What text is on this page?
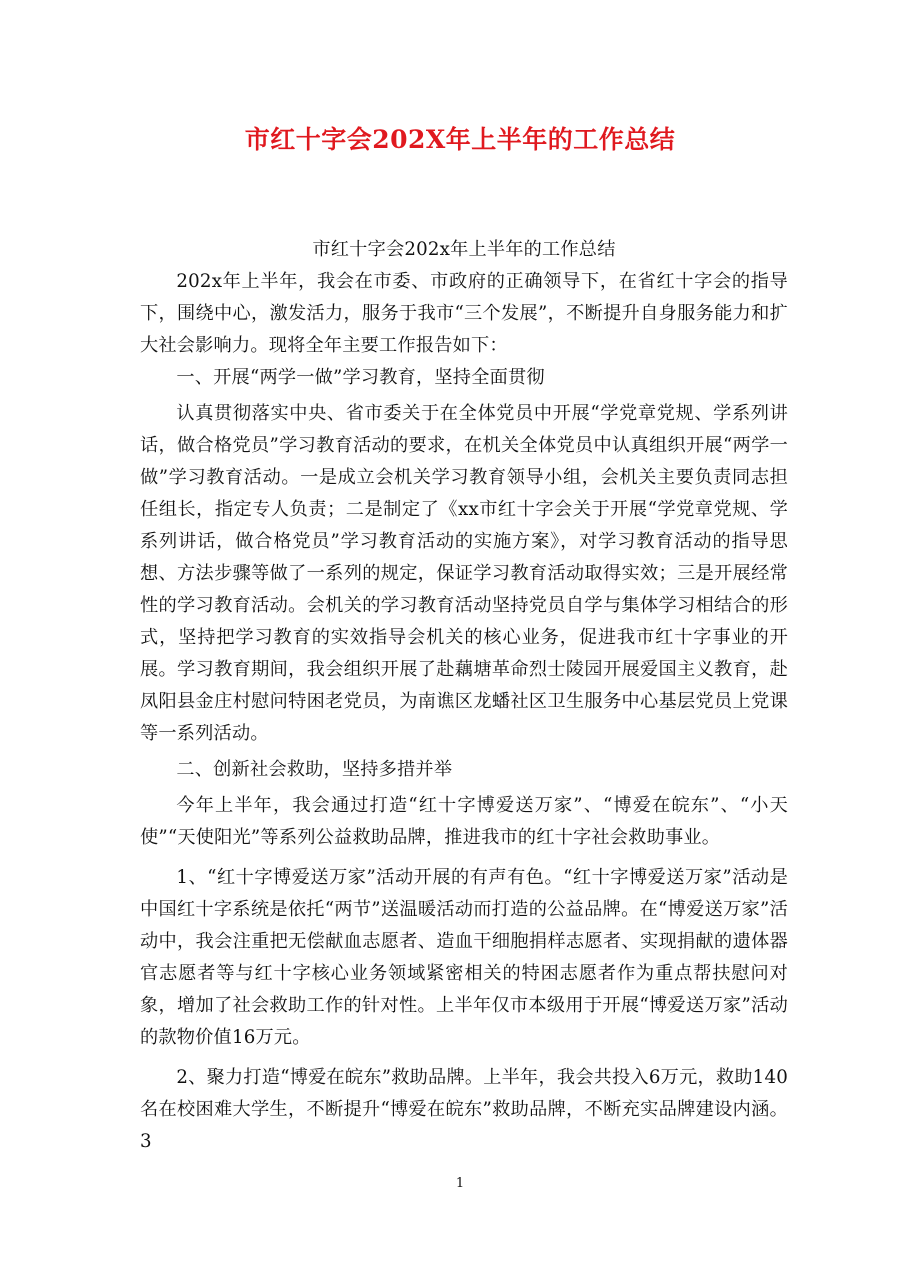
市红十字会202X年上半年的工作总结

市红十字会202x年上半年的工作总结

202x年上半年，我会在市委、市政府的正确领导下，在省红十字会的指导下，围绕中心，激发活力，服务于我市“三个发展”，不断提升自身服务能力和扩大社会影响力。现将全年主要工作报告如下：

一、开展“两学一做”学习教育，坚持全面贯彻

认真贯彻落实中央、省市委关于在全体党员中开展“学党章党规、学系列讲话，做合格党员”学习教育活动的要求，在机关全体党员中认真组织开展“两学一做”学习教育活动。一是成立会机关学习教育领导小组，会机关主要负责同志担任组长，指定专人负责；二是制定了《xx市红十字会关于开展“学党章党规、学系列讲话，做合格党员”学习教育活动的实施方案》，对学习教育活动的指导思想、方法步骤等做了一系列的规定，保证学习教育活动取得实效；三是开展经常性的学习教育活动。会机关的学习教育活动坚持党员自学与集体学习相结合的形式，坚持把学习教育的实效指导会机关的核心业务，促进我市红十字事业的开展。学习教育期间，我会组织开展了赴藕塘革命烈士陵园开展爱国主义教育，赴凤阳县金庄村慰问特困老党员，为南谯区龙蟠社区卫生服务中心基层党员上党课等一系列活动。

二、创新社会救助，坚持多措并举

今年上半年，我会通过打造“红十字博爱送万家”、“博爱在皖东”、“小天使”“天使阳光”等系列公益救助品牌，推进我市的红十字社会救助事业。

1、“红十字博爱送万家”活动开展的有声有色。“红十字博爱送万家”活动是中国红十字系统是依托“两节”送温暖活动而打造的公益品牌。在“博爱送万家”活动中，我会注重把无偿献血志愿者、造血干细胞捐样志愿者、实现捐献的遗体器官志愿者等与红十字核心业务领域紧密相关的特困志愿者作为重点帮扶慰问对象，增加了社会救助工作的针对性。上半年仅市本级用于开展“博爱送万家”活动的款物价值16万元。

2、聚力打造“博爱在皖东”救助品牌。上半年，我会共投入6万元，救助140名在校困难大学生，不断提升“博爱在皖东”救助品牌，不断充实品牌建设内涵。3

1
